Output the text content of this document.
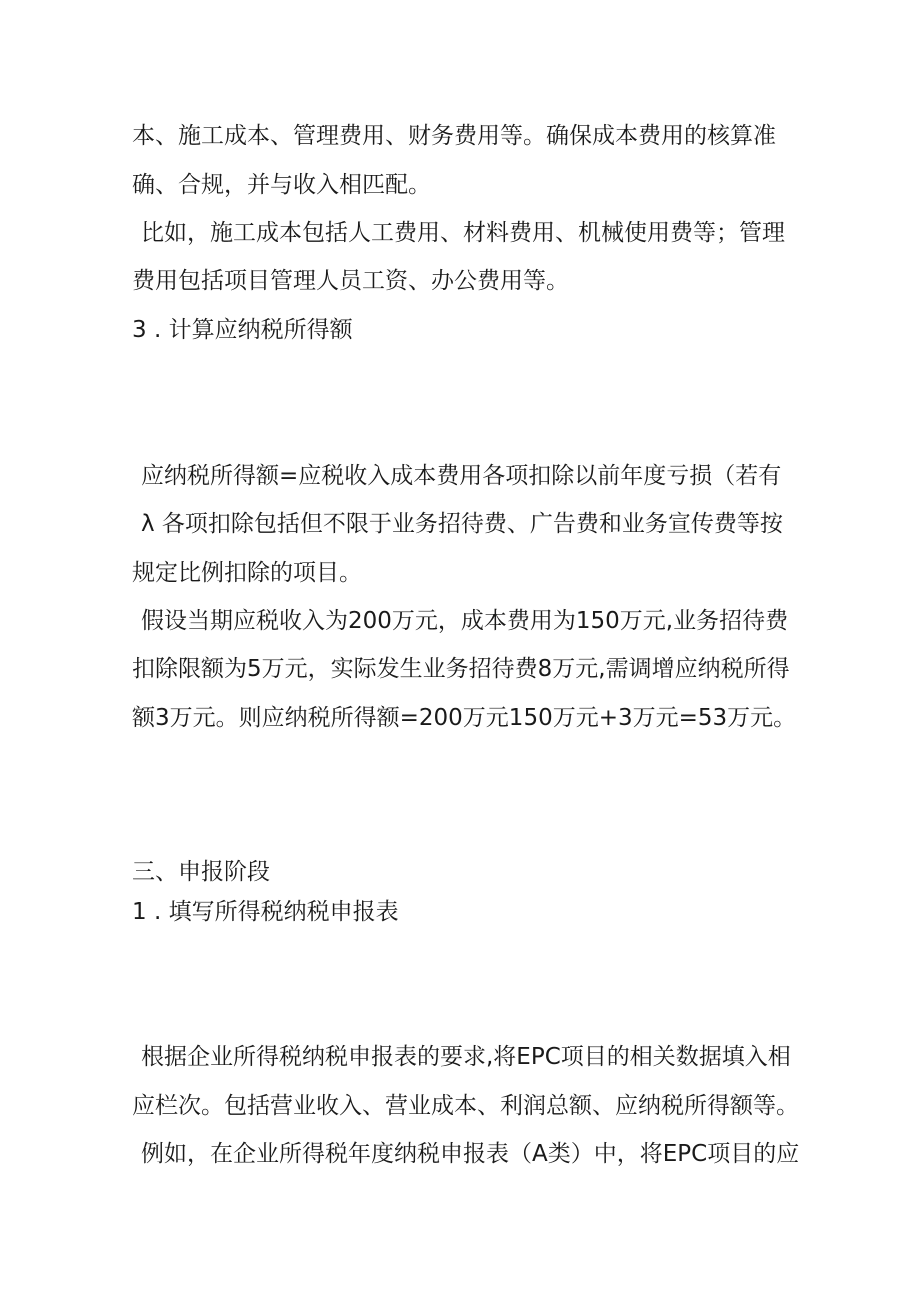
本、施工成本、管理费用、财务费用等。确保成本费用的核算准
确、合规，并与收入相匹配。
比如，施工成本包括人工费用、材料费用、机械使用费等；管理
费用包括项目管理人员工资、办公费用等。
3 . 计算应纳税所得额
应纳税所得额=应税收入成本费用各项扣除以前年度亏损（若有
λ 各项扣除包括但不限于业务招待费、广告费和业务宣传费等按
规定比例扣除的项目。
假设当期应税收入为200万元，成本费用为150万元,业务招待费
扣除限额为5万元，实际发生业务招待费8万元,需调增应纳税所得
额3万元。则应纳税所得额=200万元150万元+3万元=53万元。
三、申报阶段
1 . 填写所得税纳税申报表
根据企业所得税纳税申报表的要求,将EPC项目的相关数据填入相
应栏次。包括营业收入、营业成本、利润总额、应纳税所得额等。
例如，在企业所得税年度纳税申报表（A类）中，将EPC项目的应
